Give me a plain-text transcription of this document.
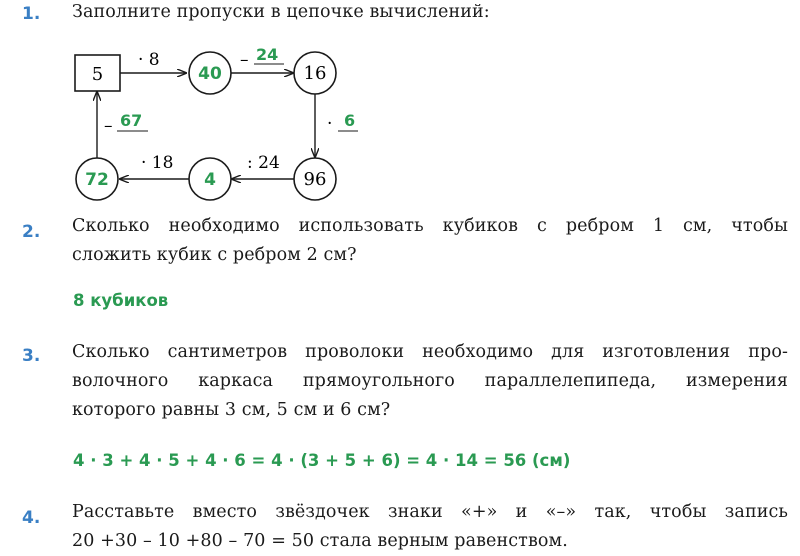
1. Заполните пропуски в цепочке вычислений:
5
· 8
40
– 24
16
· 6
96
: 24
4
· 18
72
– 67
2. Сколько необходимо использовать кубиков с ребром 1 см, чтобы
сложить кубик с ребром 2 см?
8 кубиков
3. Сколько сантиметров проволоки необходимо для изготовления про-
волочного каркаса прямоугольного параллелепипеда, измерения
которого равны 3 см, 5 см и 6 см?
4 · 3 + 4 · 5 + 4 · 6 = 4 · (3 + 5 + 6) = 4 · 14 = 56 (см)
4. Расставьте вместо звёздочек знаки «+» и «–» так, чтобы запись
20 +30 – 10 +80 – 70 = 50 стала верным равенством.
